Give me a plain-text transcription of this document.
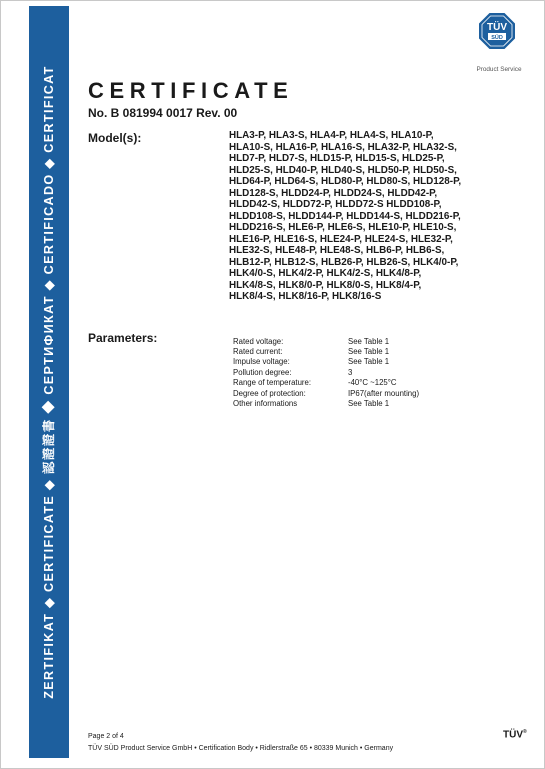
ZERTIFIKAT ◆ CERTIFICATE ◆ 認證證書 ◆ СЕРТИФИКАТ ◆ CERTIFICADO ◆ CERTIFICAT
TÜV
SÜD
Product Service
CERTIFICATE
No. B 081994 0017 Rev. 00
Model(s):	HLA3-P, HLA3-S, HLA4-P, HLA4-S, HLA10-P,
HLA10-S, HLA16-P, HLA16-S, HLA32-P, HLA32-S,
HLD7-P, HLD7-S, HLD15-P, HLD15-S, HLD25-P,
HLD25-S, HLD40-P, HLD40-S, HLD50-P, HLD50-S,
HLD64-P, HLD64-S, HLD80-P, HLD80-S, HLD128-P,
HLD128-S, HLDD24-P, HLDD24-S, HLDD42-P,
HLDD42-S, HLDD72-P, HLDD72-S HLDD108-P,
HLDD108-S, HLDD144-P, HLDD144-S, HLDD216-P,
HLDD216-S, HLE6-P, HLE6-S, HLE10-P, HLE10-S,
HLE16-P, HLE16-S, HLE24-P, HLE24-S, HLE32-P,
HLE32-S, HLE48-P, HLE48-S, HLB6-P, HLB6-S,
HLB12-P, HLB12-S, HLB26-P, HLB26-S, HLK4/0-P,
HLK4/0-S, HLK4/2-P, HLK4/2-S, HLK4/8-P,
HLK4/8-S, HLK8/0-P, HLK8/0-S, HLK8/4-P,
HLK8/4-S, HLK8/16-P, HLK8/16-S
Parameters:	Rated voltage:	See Table 1
Rated current:	See Table 1
Impulse voltage:	See Table 1
Pollution degree:	3
Range of temperature:	-40°C ~125°C
Degree of protection:	IP67(after mounting)
Other informations	See Table 1
Page 2 of 4
TÜV SÜD Product Service GmbH • Certification Body • Ridlerstraße 65 • 80339 Munich • Germany
TÜV®
